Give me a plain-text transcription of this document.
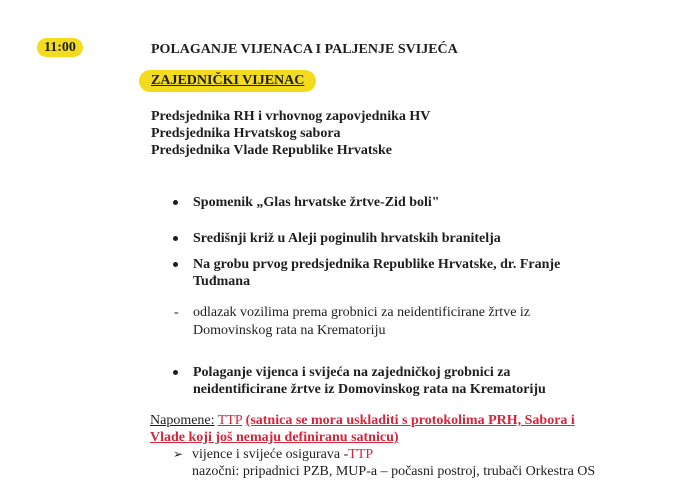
11:00	POLAGANJE VIJENACA I PALJENJE SVIJEĆA
ZAJEDNIČKI VIJENAC
Predsjednika RH i vrhovnog zapovjednika HV
Predsjednika Hrvatskog sabora
Predsjednika Vlade Republike Hrvatske
Spomenik „Glas hrvatske žrtve-Zid boli"
Središnji križ u Aleji poginulih hrvatskih branitelja
Na grobu prvog predsjednika Republike Hrvatske, dr. Franje
Tuđmana
- odlazak vozilima prema grobnici za neidentificirane žrtve iz
Domovinskog rata na Krematoriju
Polaganje vijenca i svijeća na zajedničkoj grobnici za
neidentificirane žrtve iz Domovinskog rata na Krematoriju
Napomene: TTP (satnica se mora uskladiti s protokolima PRH, Sabora i
Vlade koji još nemaju definiranu satnicu)
➢ vijence i svijeće osigurava -TTP
nazočni: pripadnici PZB, MUP-a – počasni postroj, trubači Orkestra OS
